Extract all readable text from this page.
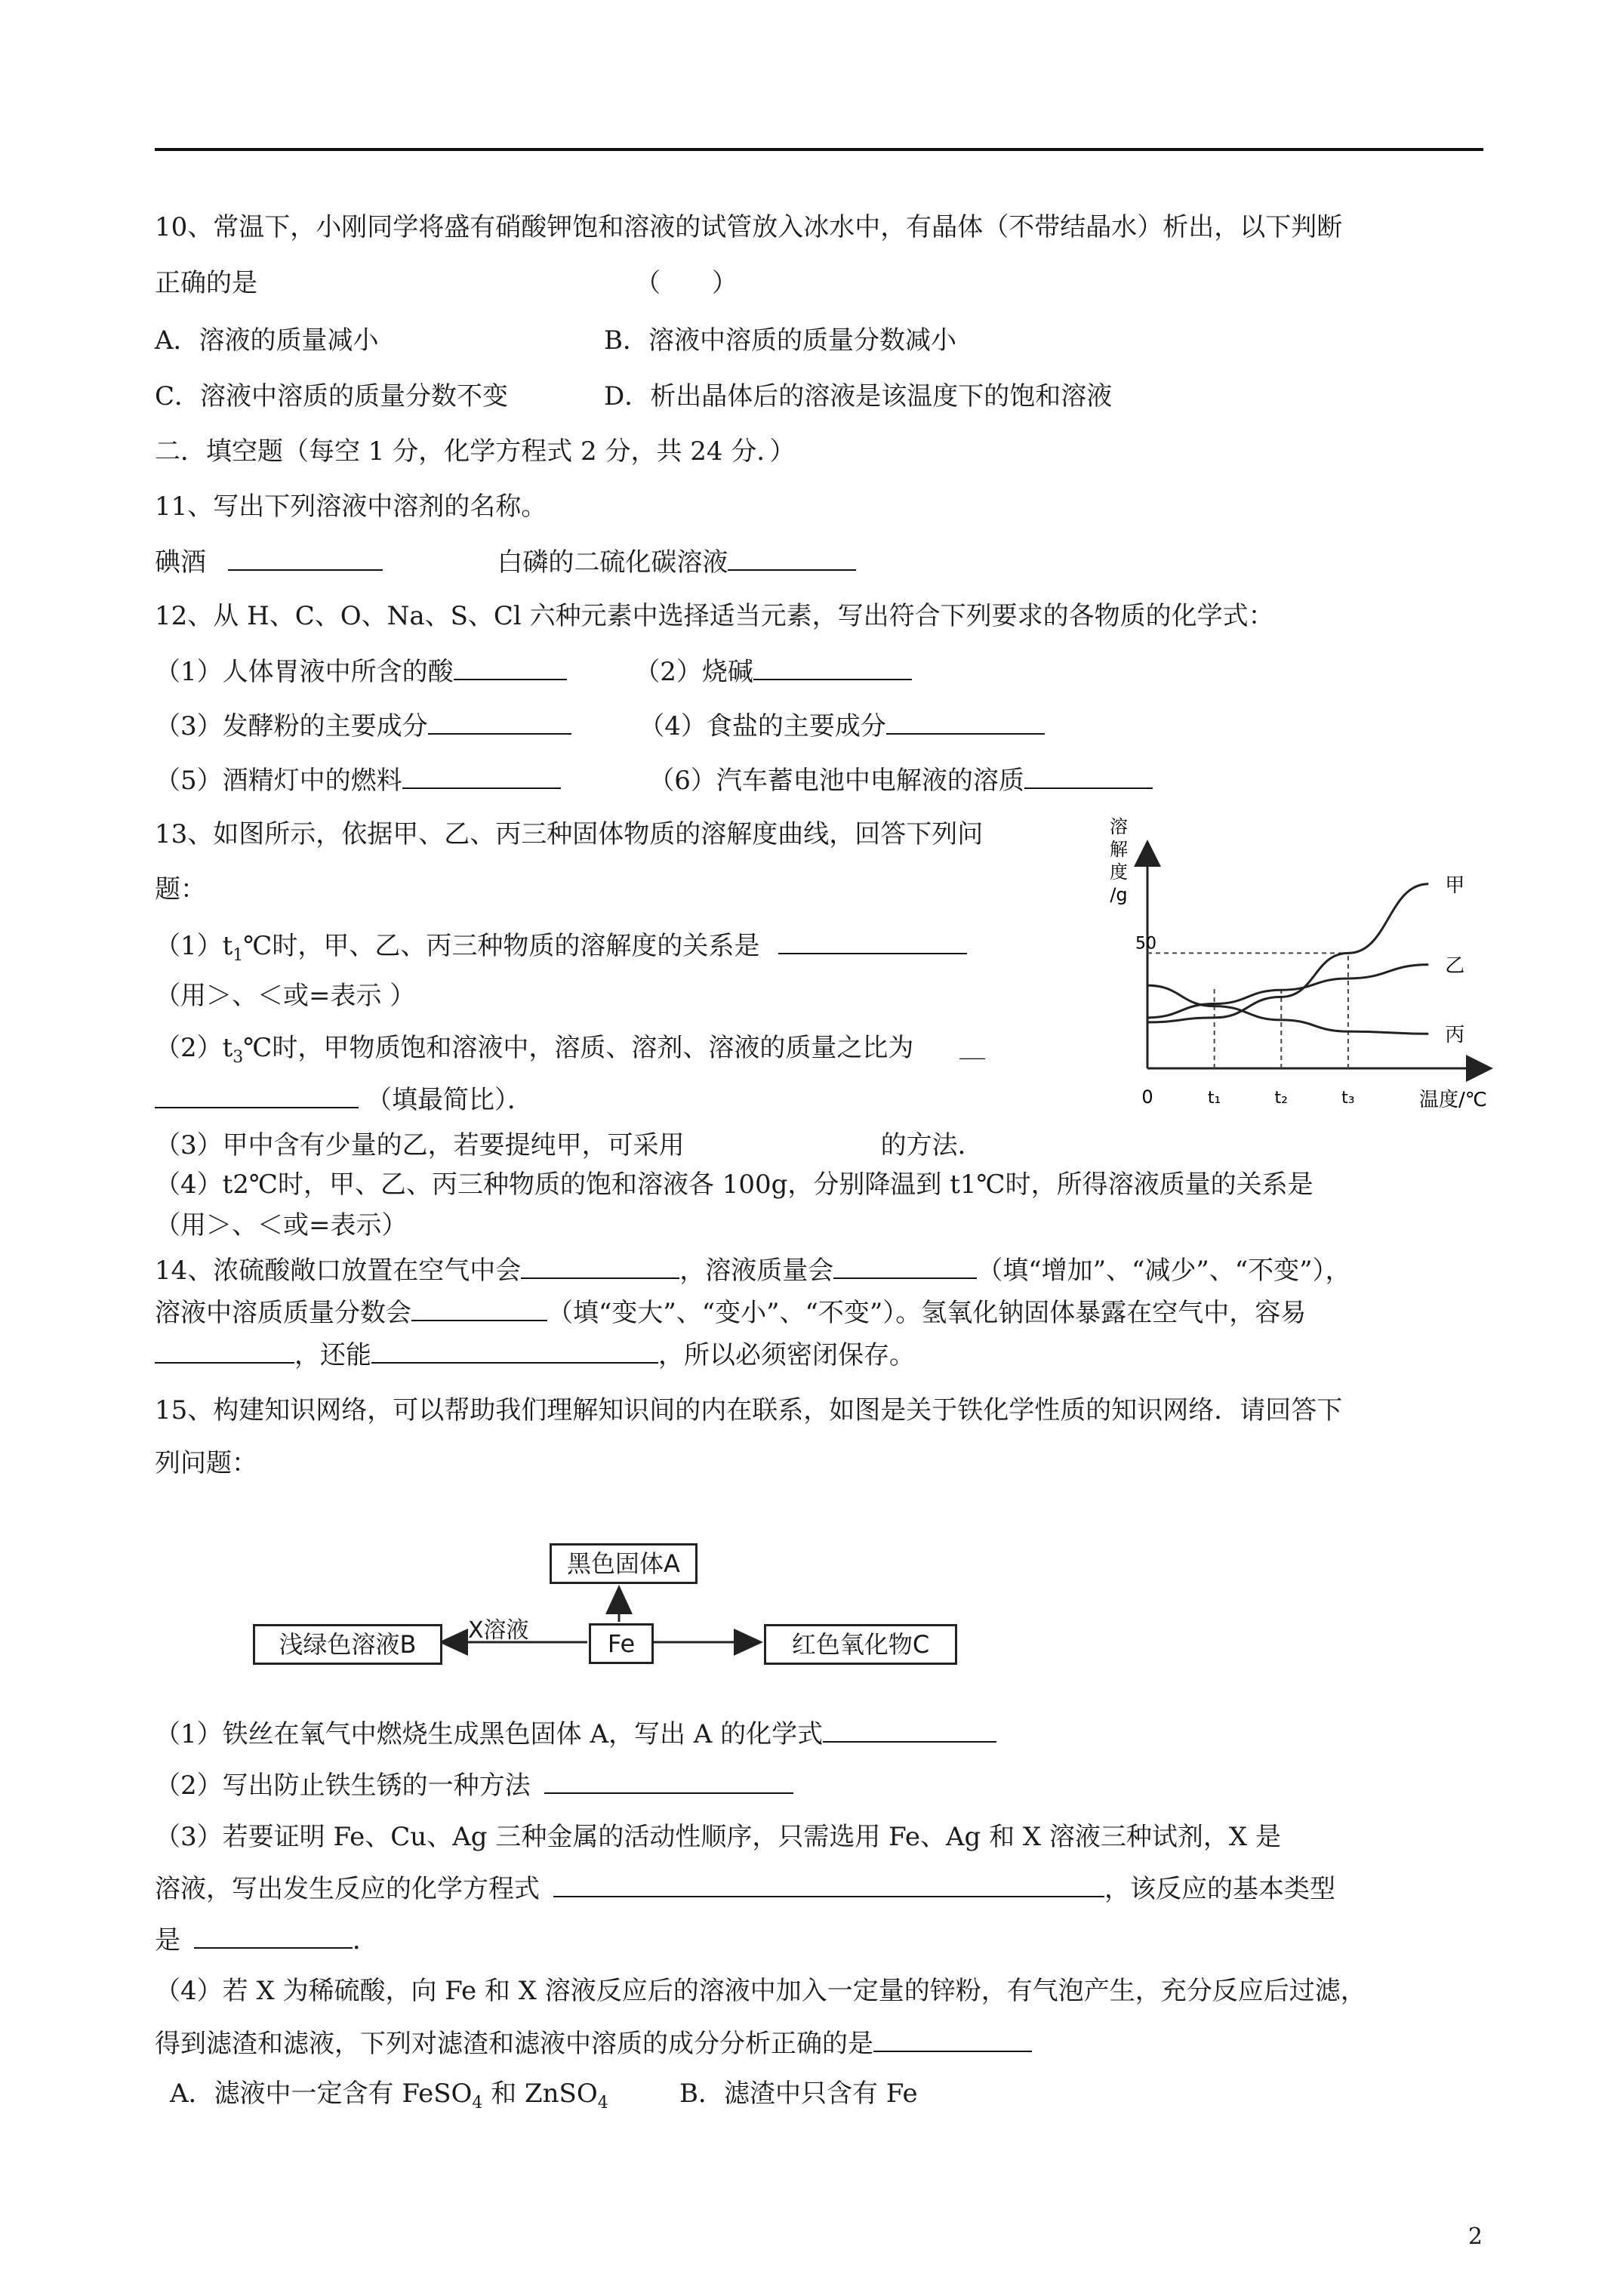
10、常温下，小刚同学将盛有硝酸钾饱和溶液的试管放入冰水中，有晶体（不带结晶水）析出，以下判断
正确的是	（　　）
A．溶液的质量减小	B．溶液中溶质的质量分数减小
C．溶液中溶质的质量分数不变	D．析出晶体后的溶液是该温度下的饱和溶液
二．填空题（每空 1 分，化学方程式 2 分，共 24 分．）
11、写出下列溶液中溶剂的名称。
碘酒	白磷的二硫化碳溶液
12、从 H、C、O、Na、S、Cl 六种元素中选择适当元素，写出符合下列要求的各物质的化学式：
（1）人体胃液中所含的酸	（2）烧碱
（3）发酵粉的主要成分	（4）食盐的主要成分
（5）酒精灯中的燃料	（6）汽车蓄电池中电解液的溶质
13、如图所示，依据甲、乙、丙三种固体物质的溶解度曲线，回答下列问
题：
$(1)t_1℃$时，甲、乙、丙三种物质的溶解度的关系是
（用＞、＜或=表示 ）
$(2)t_3℃$时，甲物质饱和溶液中，溶质、溶剂、溶液的质量之比为 ＿
（填最简比）．
（3）甲中含有少量的乙，若要提纯甲，可采用	的方法．
（4）t2℃时，甲、乙、丙三种物质的饱和溶液各 100g，分别降温到 t1℃时，所得溶液质量的关系是
（用＞、＜或=表示）
溶
解
度
/g	甲
乙
丙
t₁	t₂	t₃
50
0	温度/℃
14、浓硫酸敞口放置在空气中会	，溶液质量会	（填“增加”、“减少”、“不变”），
溶液中溶质质量分数会	（填“变大”、“变小”、“不变”）。氢氧化钠固体暴露在空气中，容易
，还能	，所以必须密闭保存。
15、构建知识网络，可以帮助我们理解知识间的内在联系，如图是关于铁化学性质的知识网络．请回答下
列问题：
黑色固体A
Fe
浅绿色溶液B	红色氧化物C
X溶液
（1）铁丝在氧气中燃烧生成黑色固体 A，写出 A 的化学式
（2）写出防止铁生锈的一种方法
（3）若要证明 Fe、Cu、Ag 三种金属的活动性顺序，只需选用 Fe、Ag 和 X 溶液三种试剂，X 是
溶液，写出发生反应的化学方程式	，该反应的基本类型
是	．
（4）若 X 为稀硫酸，向 Fe 和 X 溶液反应后的溶液中加入一定量的锌粉，有气泡产生，充分反应后过滤，
得到滤渣和滤液，下列对滤渣和滤液中溶质的成分分析正确的是
A．滤液中一定含有 FeSO$_4$ 和 ZnSO$_4$	B．滤渣中只含有 Fe
2
